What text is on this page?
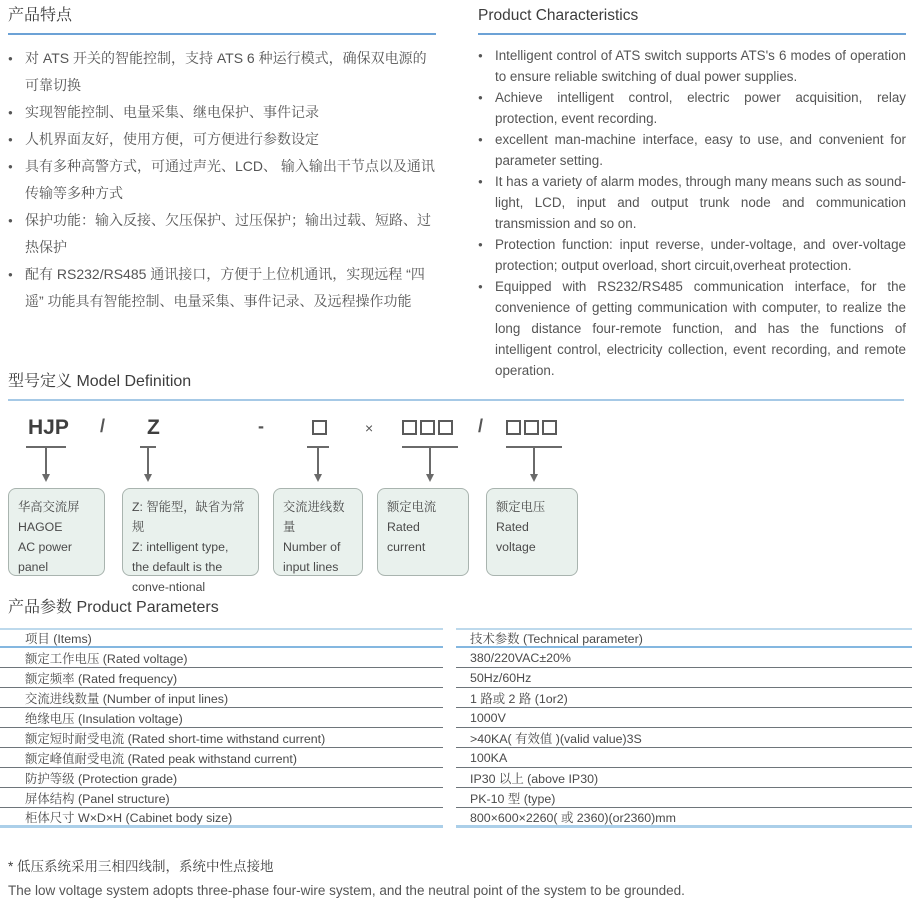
产品特点
● 对 ATS 开关的智能控制，支持 ATS 6 种运行模式，确保双电源的可靠切换
● 实现智能控制、电量采集、继电保护、事件记录
● 人机界面友好，使用方便，可方便进行参数设定
● 具有多种高警方式，可通过声光、LCD、 输入输出干节点以及通讯传输等多种方式
● 保护功能：输入反接、欠压保护、过压保护；输出过载、短路、过热保护
● 配有 RS232/RS485 通讯接口，方便于上位机通讯，实现远程 “四遥” 功能具有智能控制、电量采集、事件记录、及远程操作功能
Product Characteristics
● Intelligent control of ATS switch supports ATS's 6 modes of operation to ensure reliable switching of dual power supplies.
● Achieve intelligent control, electric power acquisition, relay protection, event recording.
● excellent man-machine interface, easy to use, and convenient for parameter setting.
● It has a variety of alarm modes, through many means such as sound-light, LCD, input and output trunk node and communication transmission and so on.
● Protection function: input reverse, under-voltage, and over-voltage protection; output overload, short circuit,overheat protection.
● Equipped with RS232/RS485 communication interface, for the convenience of getting communication with computer, to realize the long distance four-remote function, and has the functions of intelligent control, electricity collection, event recording, and remote operation.
型号定义 Model Definition
HJP / Z	-	×	/
华高交流屏
HAGOE
AC power panel
Z: 智能型，缺省为常规
Z: intelligent type,
the default is the
conve-ntional
交流进线数量
Number of
input lines
额定电流
Rated current
额定电压
Rated voltage
产品参数 Product Parameters
项目 (Items)	技术参数 (Technical parameter)
额定工作电压 (Rated voltage)	380/220VAC±20%
额定频率 (Rated frequency)	50Hz/60Hz
交流进线数量 (Number of input lines)	1 路或 2 路 (1or2)
绝缘电压 (Insulation voltage)	1000V
额定短时耐受电流 (Rated short-time withstand current)	>40KA( 有效值 )(valid value)3S
额定峰值耐受电流 (Rated peak withstand current)	100KA
防护等级 (Protection grade)	IP30 以上 (above IP30)
屏体结构 (Panel structure)	PK-10 型 (type)
柜体尺寸 W×D×H (Cabinet body size)	800×600×2260( 或 2360)(or2360)mm
* 低压系统采用三相四线制，系统中性点接地
The low voltage system adopts three-phase four-wire system, and the neutral point of the system to be grounded.
